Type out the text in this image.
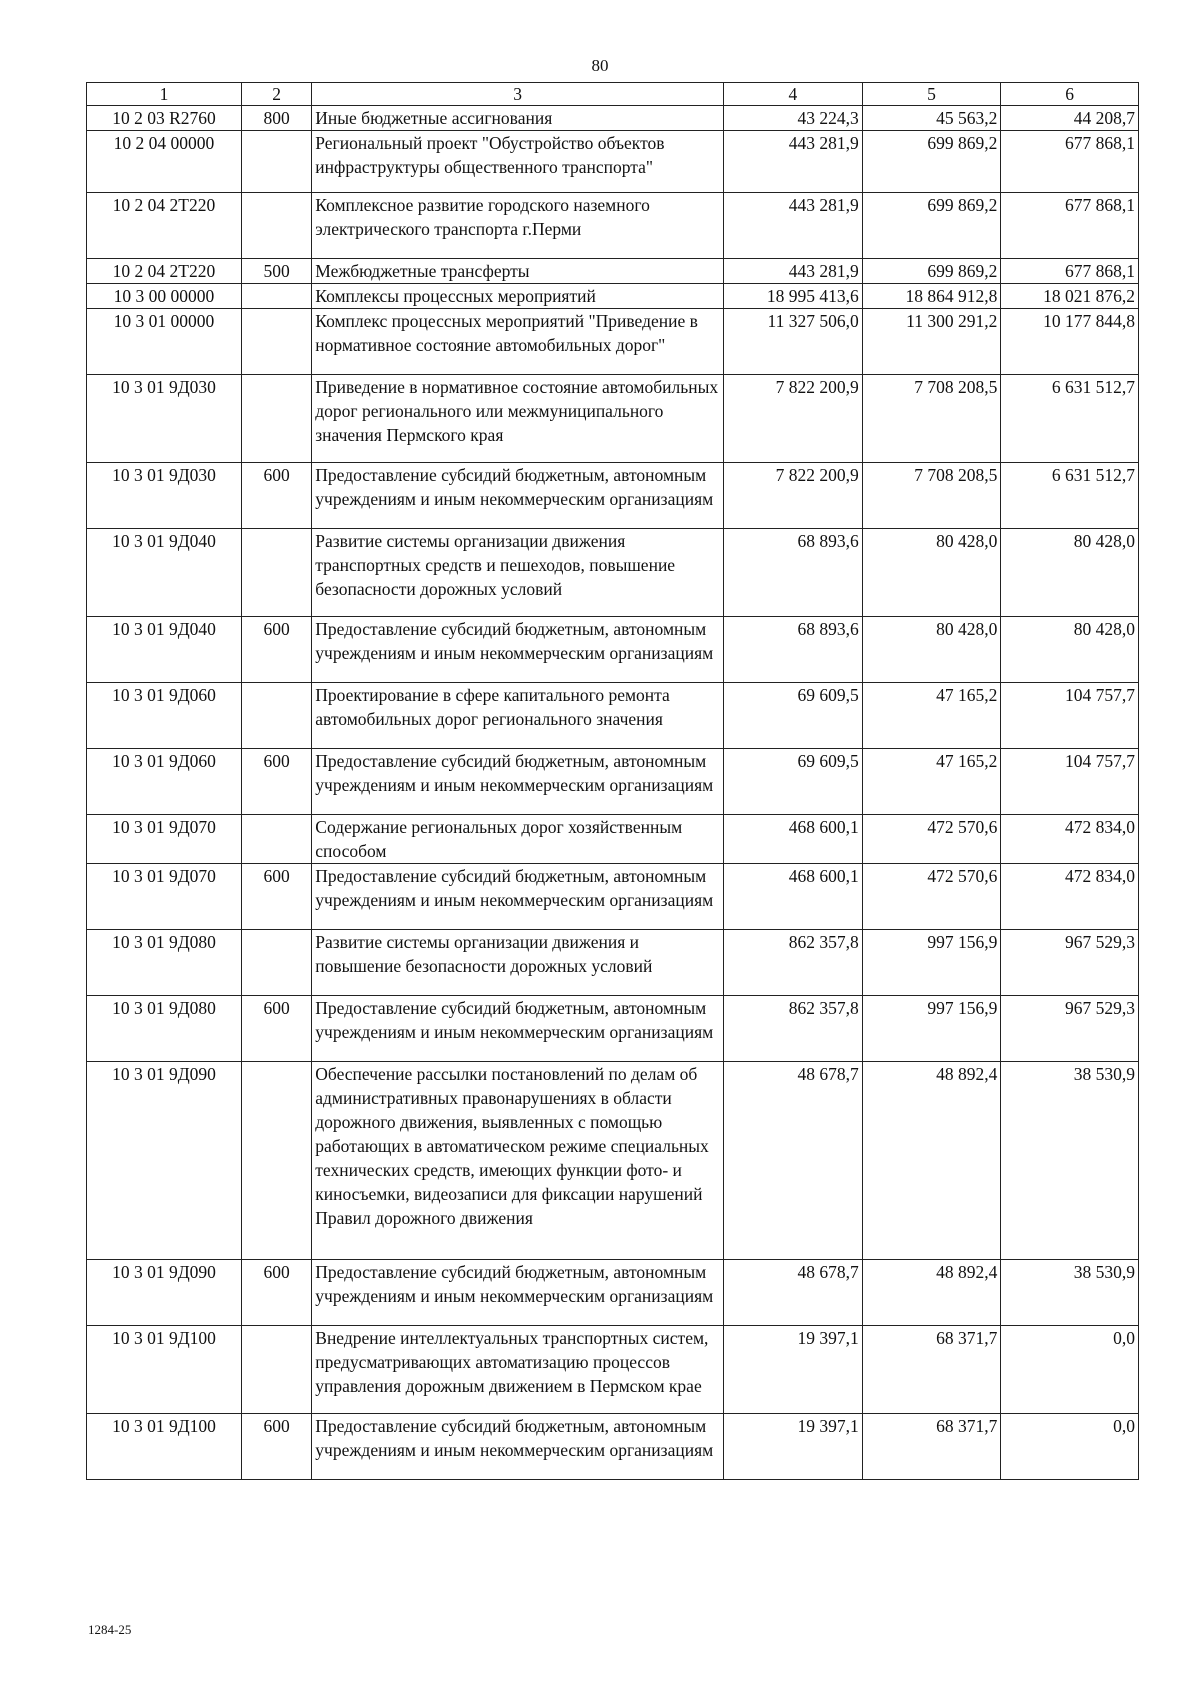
80
1	2	3	4	5	6
10 2 03 R2760	800	Иные бюджетные ассигнования	43 224,3	45 563,2	44 208,7
10 2 04 00000		Региональный проект "Обустройство объектов инфраструктуры общественного транспорта"	443 281,9	699 869,2	677 868,1
10 2 04 2Т220		Комплексное развитие городского наземного электрического транспорта г.Перми	443 281,9	699 869,2	677 868,1
10 2 04 2Т220	500	Межбюджетные трансферты	443 281,9	699 869,2	677 868,1
10 3 00 00000		Комплексы процессных мероприятий	18 995 413,6	18 864 912,8	18 021 876,2
10 3 01 00000		Комплекс процессных мероприятий "Приведение в нормативное состояние автомобильных дорог"	11 327 506,0	11 300 291,2	10 177 844,8
10 3 01 9Д030		Приведение в нормативное состояние автомобильных дорог регионального или межмуниципального значения Пермского края	7 822 200,9	7 708 208,5	6 631 512,7
10 3 01 9Д030	600	Предоставление субсидий бюджетным, автономным учреждениям и иным некоммерческим организациям	7 822 200,9	7 708 208,5	6 631 512,7
10 3 01 9Д040		Развитие системы организации движения транспортных средств и пешеходов, повышение безопасности дорожных условий	68 893,6	80 428,0	80 428,0
10 3 01 9Д040	600	Предоставление субсидий бюджетным, автономным учреждениям и иным некоммерческим организациям	68 893,6	80 428,0	80 428,0
10 3 01 9Д060		Проектирование в сфере капитального ремонта автомобильных дорог регионального значения	69 609,5	47 165,2	104 757,7
10 3 01 9Д060	600	Предоставление субсидий бюджетным, автономным учреждениям и иным некоммерческим организациям	69 609,5	47 165,2	104 757,7
10 3 01 9Д070		Содержание региональных дорог хозяйственным способом	468 600,1	472 570,6	472 834,0
10 3 01 9Д070	600	Предоставление субсидий бюджетным, автономным учреждениям и иным некоммерческим организациям	468 600,1	472 570,6	472 834,0
10 3 01 9Д080		Развитие системы организации движения и повышение безопасности дорожных условий	862 357,8	997 156,9	967 529,3
10 3 01 9Д080	600	Предоставление субсидий бюджетным, автономным учреждениям и иным некоммерческим организациям	862 357,8	997 156,9	967 529,3
10 3 01 9Д090		Обеспечение рассылки постановлений по делам об административных правонарушениях в области дорожного движения, выявленных с помощью работающих в автоматическом режиме специальных технических средств, имеющих функции фото- и киносъемки, видеозаписи для фиксации нарушений Правил дорожного движения	48 678,7	48 892,4	38 530,9
10 3 01 9Д090	600	Предоставление субсидий бюджетным, автономным учреждениям и иным некоммерческим организациям	48 678,7	48 892,4	38 530,9
10 3 01 9Д100		Внедрение интеллектуальных транспортных систем, предусматривающих автоматизацию процессов управления дорожным движением в Пермском крае	19 397,1	68 371,7	0,0
10 3 01 9Д100	600	Предоставление субсидий бюджетным, автономным учреждениям и иным некоммерческим организациям	19 397,1	68 371,7	0,0
1284-25
